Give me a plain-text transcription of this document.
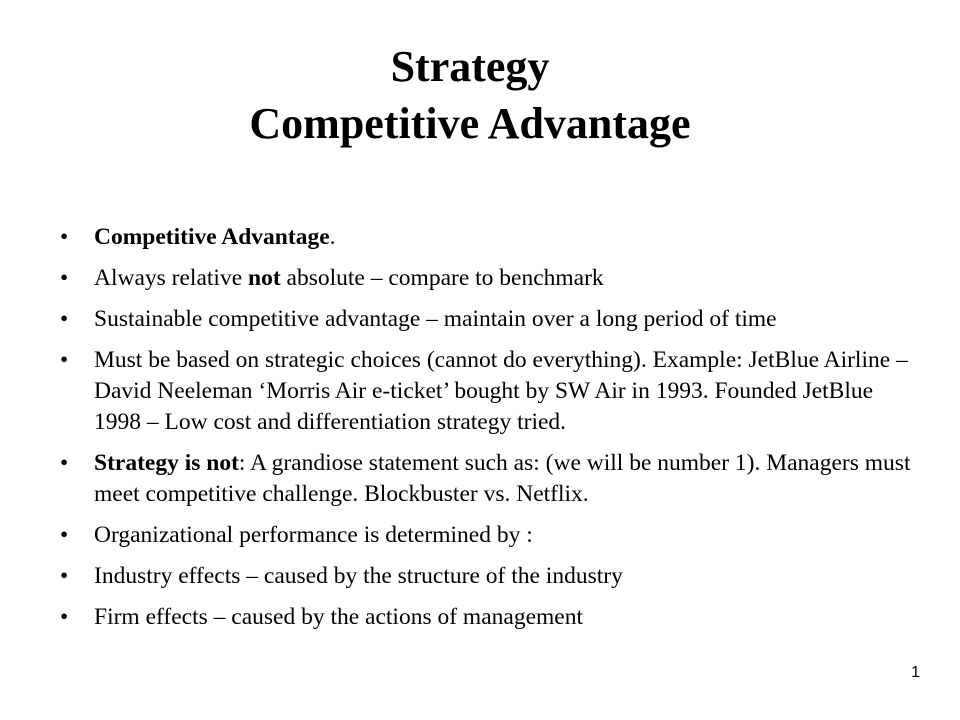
Strategy
Competitive Advantage
• Competitive Advantage.
• Always relative not absolute – compare to benchmark
• Sustainable competitive advantage – maintain over a long period of time
• Must be based on strategic choices (cannot do everything). Example: JetBlue Airline – David Neeleman ‘Morris Air e-ticket’ bought by SW Air in 1993. Founded JetBlue 1998 – Low cost and differentiation strategy tried.
• Strategy is not: A grandiose statement such as: (we will be number 1). Managers must meet competitive challenge. Blockbuster vs. Netflix.
• Organizational performance is determined by :
• Industry effects – caused by the structure of the industry
• Firm effects – caused by the actions of management
1
